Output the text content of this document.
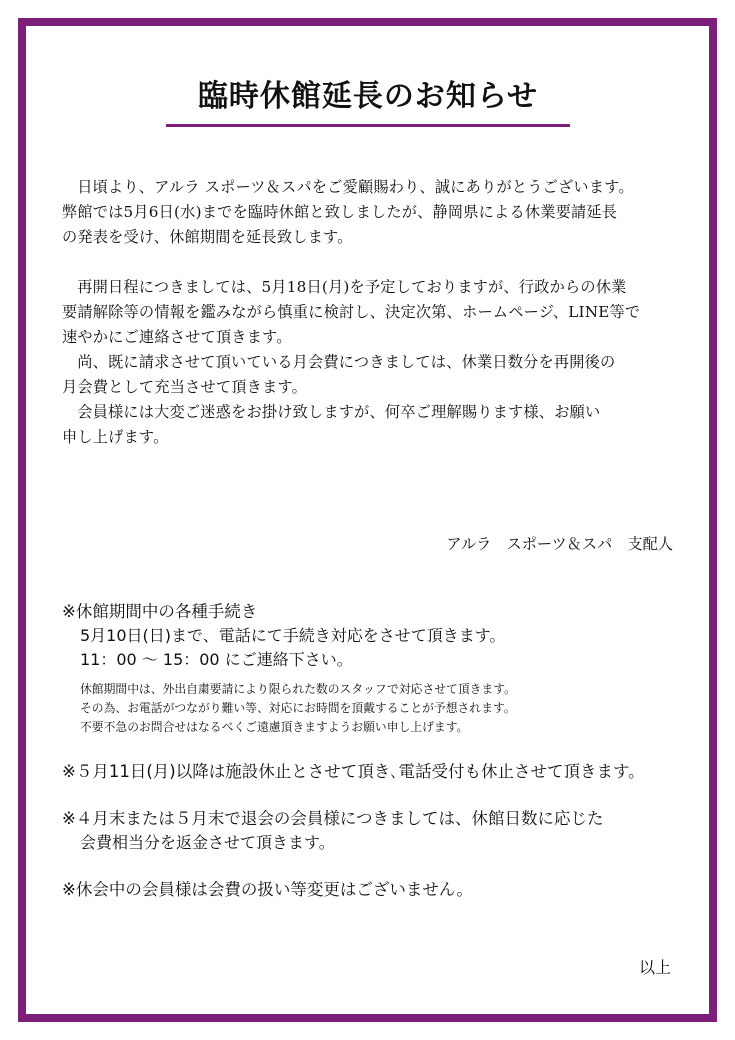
臨時休館延長のお知らせ

日頃より、アルラ スポーツ＆スパをご愛顧賜わり、誠にありがとうございます。
弊館では5月6日(水)までを臨時休館と致しましたが、静岡県による休業要請延長
の発表を受け、休館期間を延長致します。

再開日程につきましては、5月18日(月)を予定しておりますが、行政からの休業
要請解除等の情報を鑑みながら慎重に検討し、決定次第、ホームページ、LINE等で
速やかにご連絡させて頂きます。

尚、既に請求させて頂いている月会費につきましては、休業日数分を再開後の
月会費として充当させて頂きます。

会員様には大変ご迷惑をお掛け致しますが、何卒ご理解賜ります様、お願い
申し上げます。

アルラ　スポーツ＆スパ　支配人

※休館期間中の各種手続き

5月10日(日)まで、電話にて手続き対応をさせて頂きます。

11：00 〜 15：00 にご連絡下さい。

休館期間中は、外出自粛要請により限られた数のスタッフで対応させて頂きます。

その為、お電話がつながり難い等、対応にお時間を頂戴することが予想されます。

不要不急のお問合せはなるべくご遠慮頂きますようお願い申し上げます。

※５月11日(月)以降は施設休止とさせて頂き､電話受付も休止させて頂きます。

※４月末または５月末で退会の会員様につきましては、休館日数に応じた

会費相当分を返金させて頂きます。

※休会中の会員様は会費の扱い等変更はございません。

以上
